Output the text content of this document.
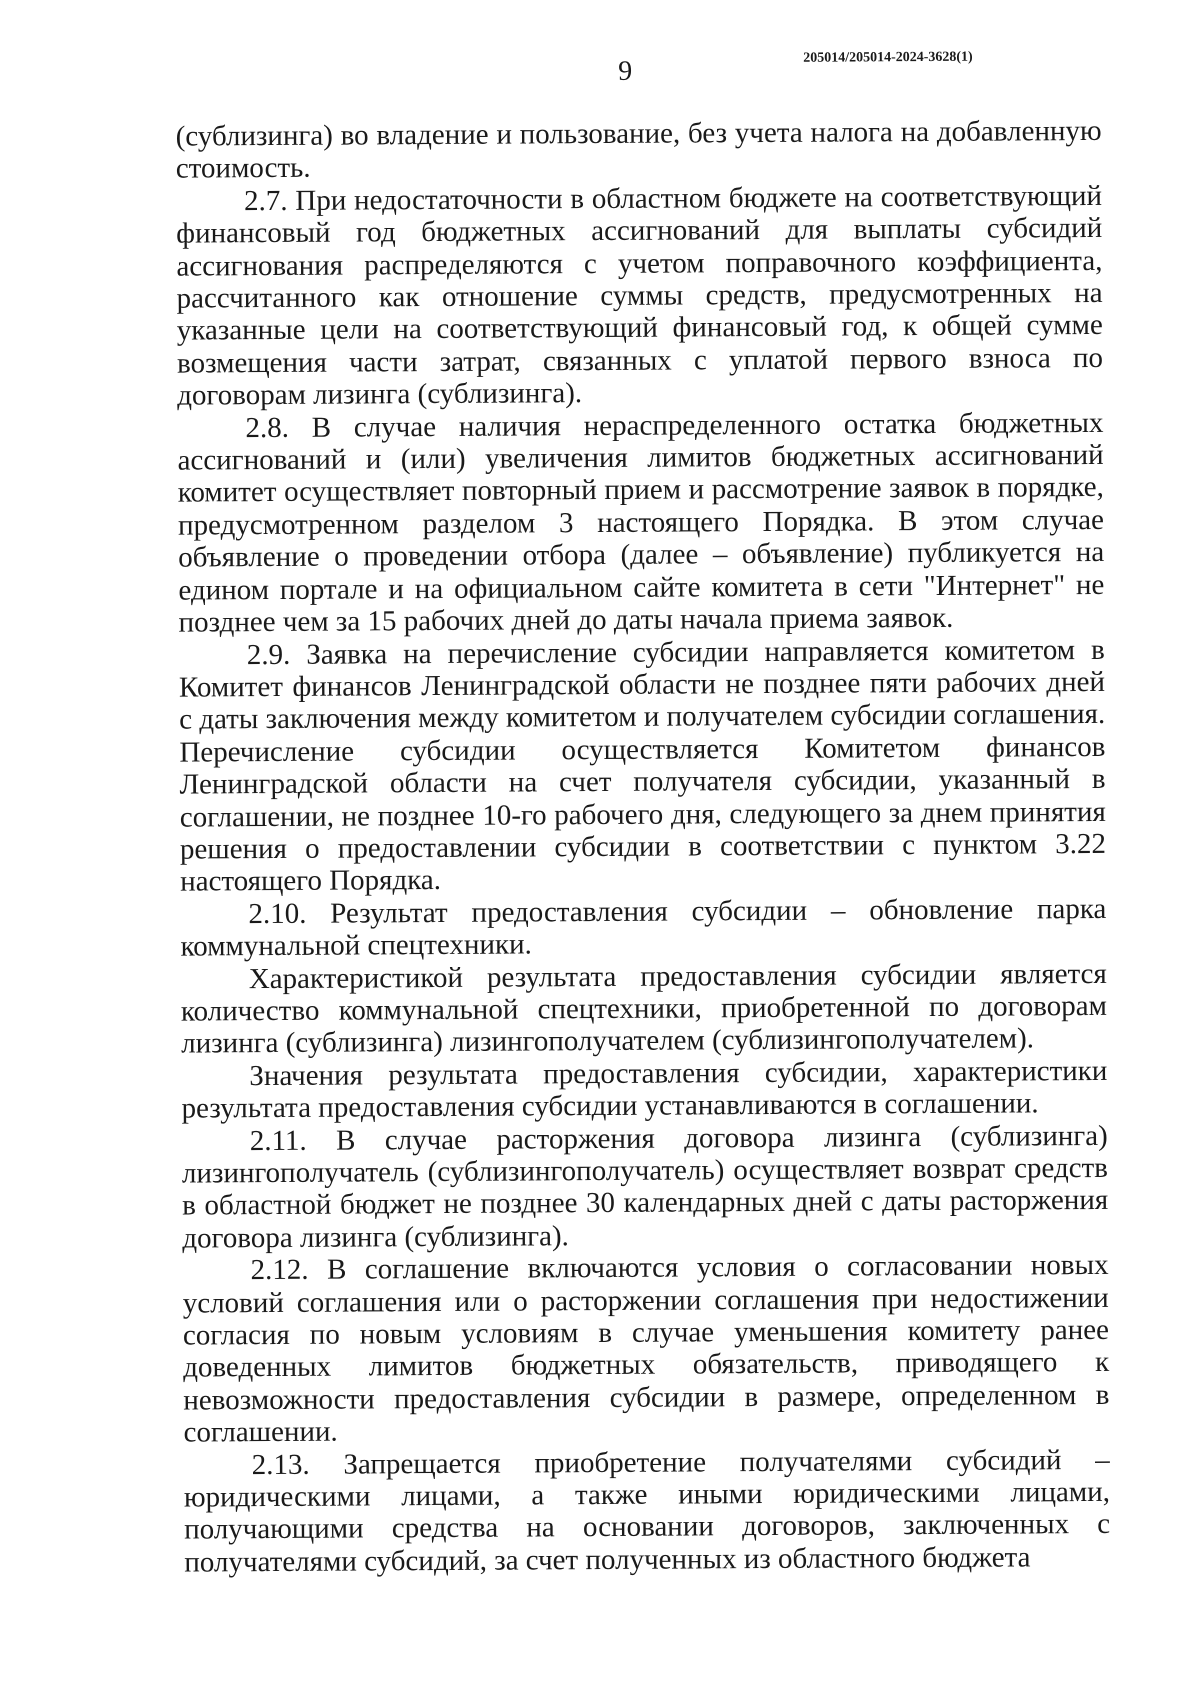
9	205014/205014-2024-3628(1)

(сублизинга) во владение и пользование, без учета налога на добавленную стоимость.

2.7. При недостаточности в областном бюджете на соответствующий финансовый год бюджетных ассигнований для выплаты субсидий ассигнования распределяются с учетом поправочного коэффициента, рассчитанного как отношение суммы средств, предусмотренных на указанные цели на соответствующий финансовый год, к общей сумме возмещения части затрат, связанных с уплатой первого взноса по договорам лизинга (сублизинга).

2.8. В случае наличия нераспределенного остатка бюджетных ассигнований и (или) увеличения лимитов бюджетных ассигнований комитет осуществляет повторный прием и рассмотрение заявок в порядке, предусмотренном разделом 3 настоящего Порядка. В этом случае объявление о проведении отбора (далее – объявление) публикуется на едином портале и на официальном сайте комитета в сети "Интернет" не позднее чем за 15 рабочих дней до даты начала приема заявок.

2.9. Заявка на перечисление субсидии направляется комитетом в Комитет финансов Ленинградской области не позднее пяти рабочих дней с даты заключения между комитетом и получателем субсидии соглашения. Перечисление субсидии осуществляется Комитетом финансов Ленинградской области на счет получателя субсидии, указанный в соглашении, не позднее 10-го рабочего дня, следующего за днем принятия решения о предоставлении субсидии в соответствии с пунктом 3.22 настоящего Порядка.

2.10. Результат предоставления субсидии – обновление парка коммунальной спецтехники.

Характеристикой результата предоставления субсидии является количество коммунальной спецтехники, приобретенной по договорам лизинга (сублизинга) лизингополучателем (сублизингополучателем).

Значения результата предоставления субсидии, характеристики результата предоставления субсидии устанавливаются в соглашении.

2.11. В случае расторжения договора лизинга (сублизинга) лизингополучатель (сублизингополучатель) осуществляет возврат средств в областной бюджет не позднее 30 календарных дней с даты расторжения договора лизинга (сублизинга).

2.12. В соглашение включаются условия о согласовании новых условий соглашения или о расторжении соглашения при недостижении согласия по новым условиям в случае уменьшения комитету ранее доведенных лимитов бюджетных обязательств, приводящего к невозможности предоставления субсидии в размере, определенном в соглашении.

2.13. Запрещается приобретение получателями субсидий – юридическими лицами, а также иными юридическими лицами, получающими средства на основании договоров, заключенных с получателями субсидий, за счет полученных из областного бюджета
